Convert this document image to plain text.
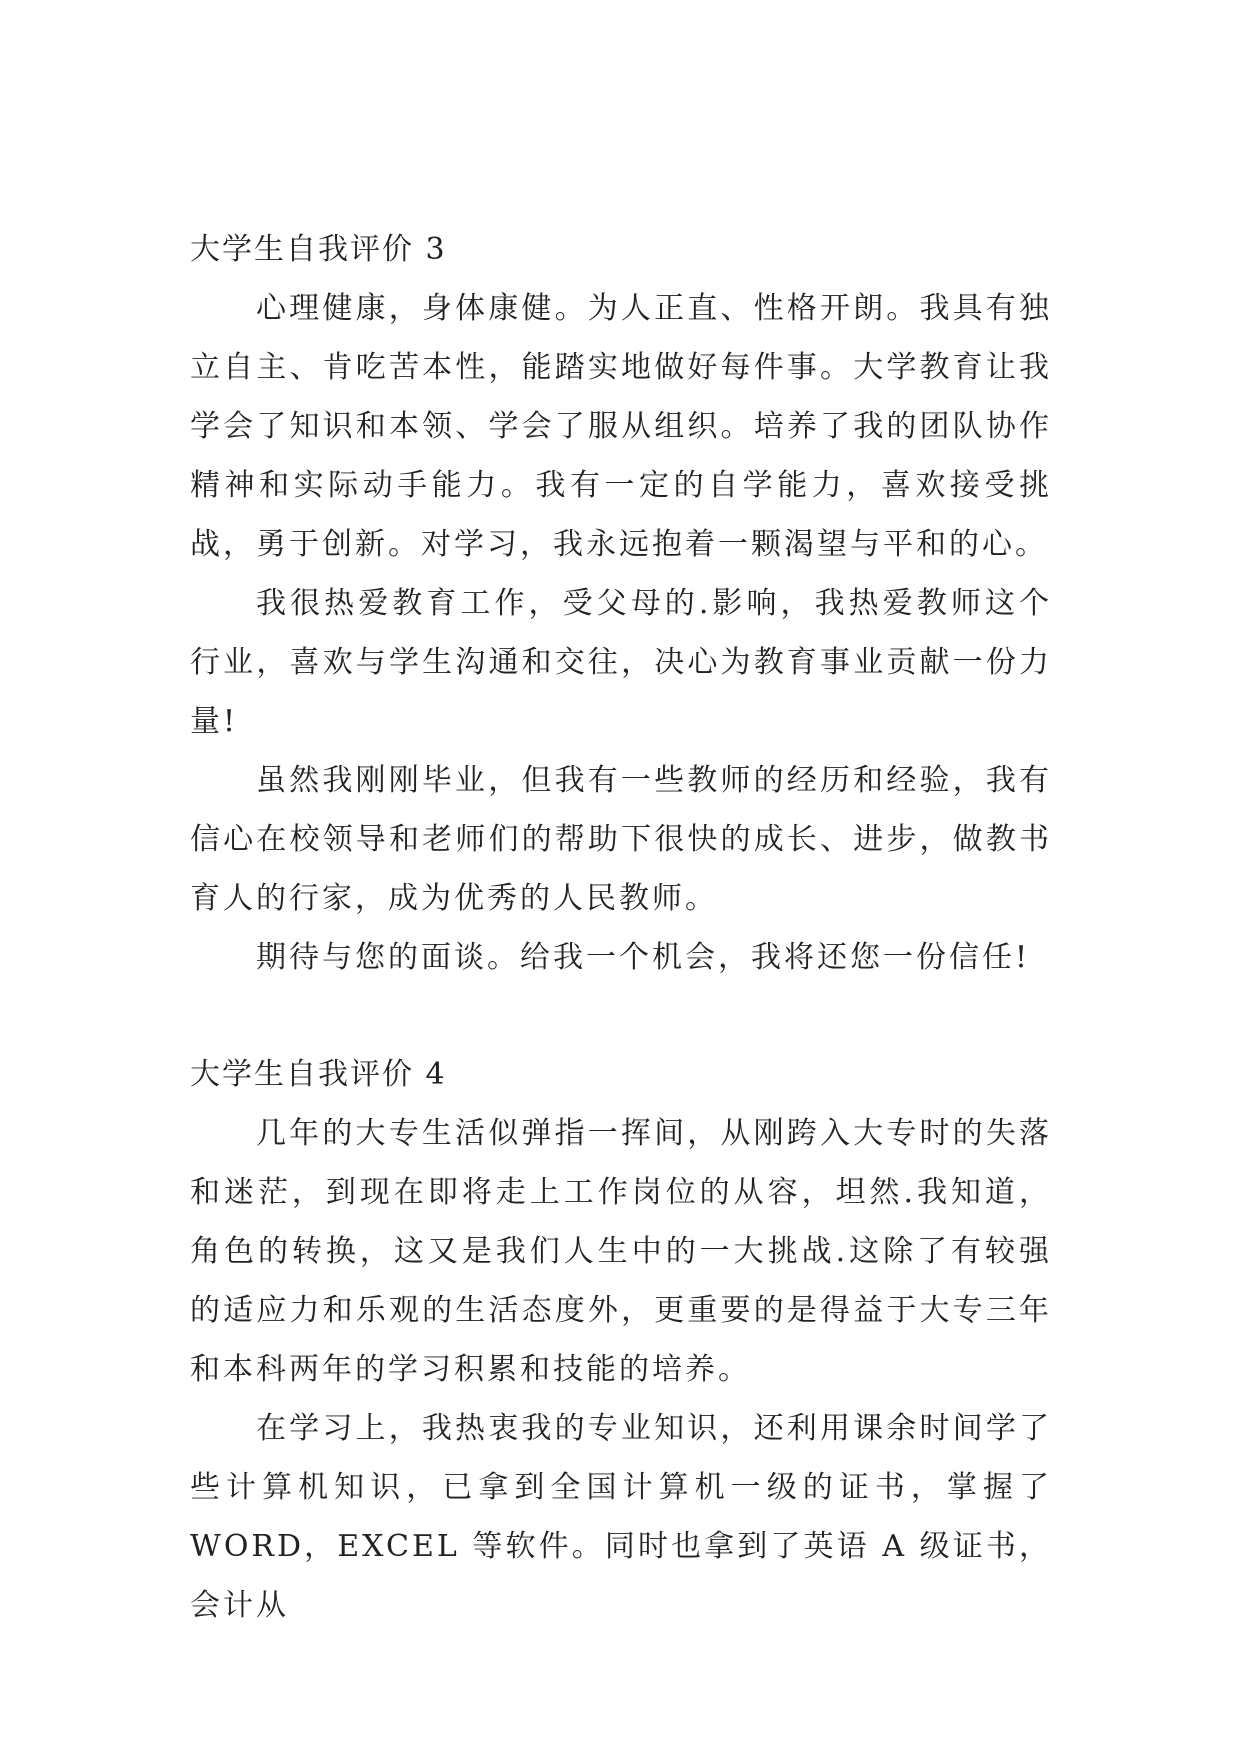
大学生自我评价 3

心理健康，身体康健。为人正直、性格开朗。我具有独立自主、肯吃苦本性，能踏实地做好每件事。大学教育让我学会了知识和本领、学会了服从组织。培养了我的团队协作精神和实际动手能力。我有一定的自学能力，喜欢接受挑战，勇于创新。对学习，我永远抱着一颗渴望与平和的心。

我很热爱教育工作，受父母的.影响，我热爱教师这个行业，喜欢与学生沟通和交往，决心为教育事业贡献一份力量!

虽然我刚刚毕业，但我有一些教师的经历和经验，我有信心在校领导和老师们的帮助下很快的成长、进步，做教书育人的行家，成为优秀的人民教师。

期待与您的面谈。给我一个机会，我将还您一份信任!

大学生自我评价 4

几年的大专生活似弹指一挥间，从刚跨入大专时的失落和迷茫，到现在即将走上工作岗位的从容，坦然.我知道，角色的转换，这又是我们人生中的一大挑战.这除了有较强的适应力和乐观的生活态度外，更重要的是得益于大专三年和本科两年的学习积累和技能的培养。

在学习上，我热衷我的专业知识，还利用课余时间学了些计算机知识，已拿到全国计算机一级的证书，掌握了WORD，EXCEL 等软件。同时也拿到了英语 A 级证书，会计从
